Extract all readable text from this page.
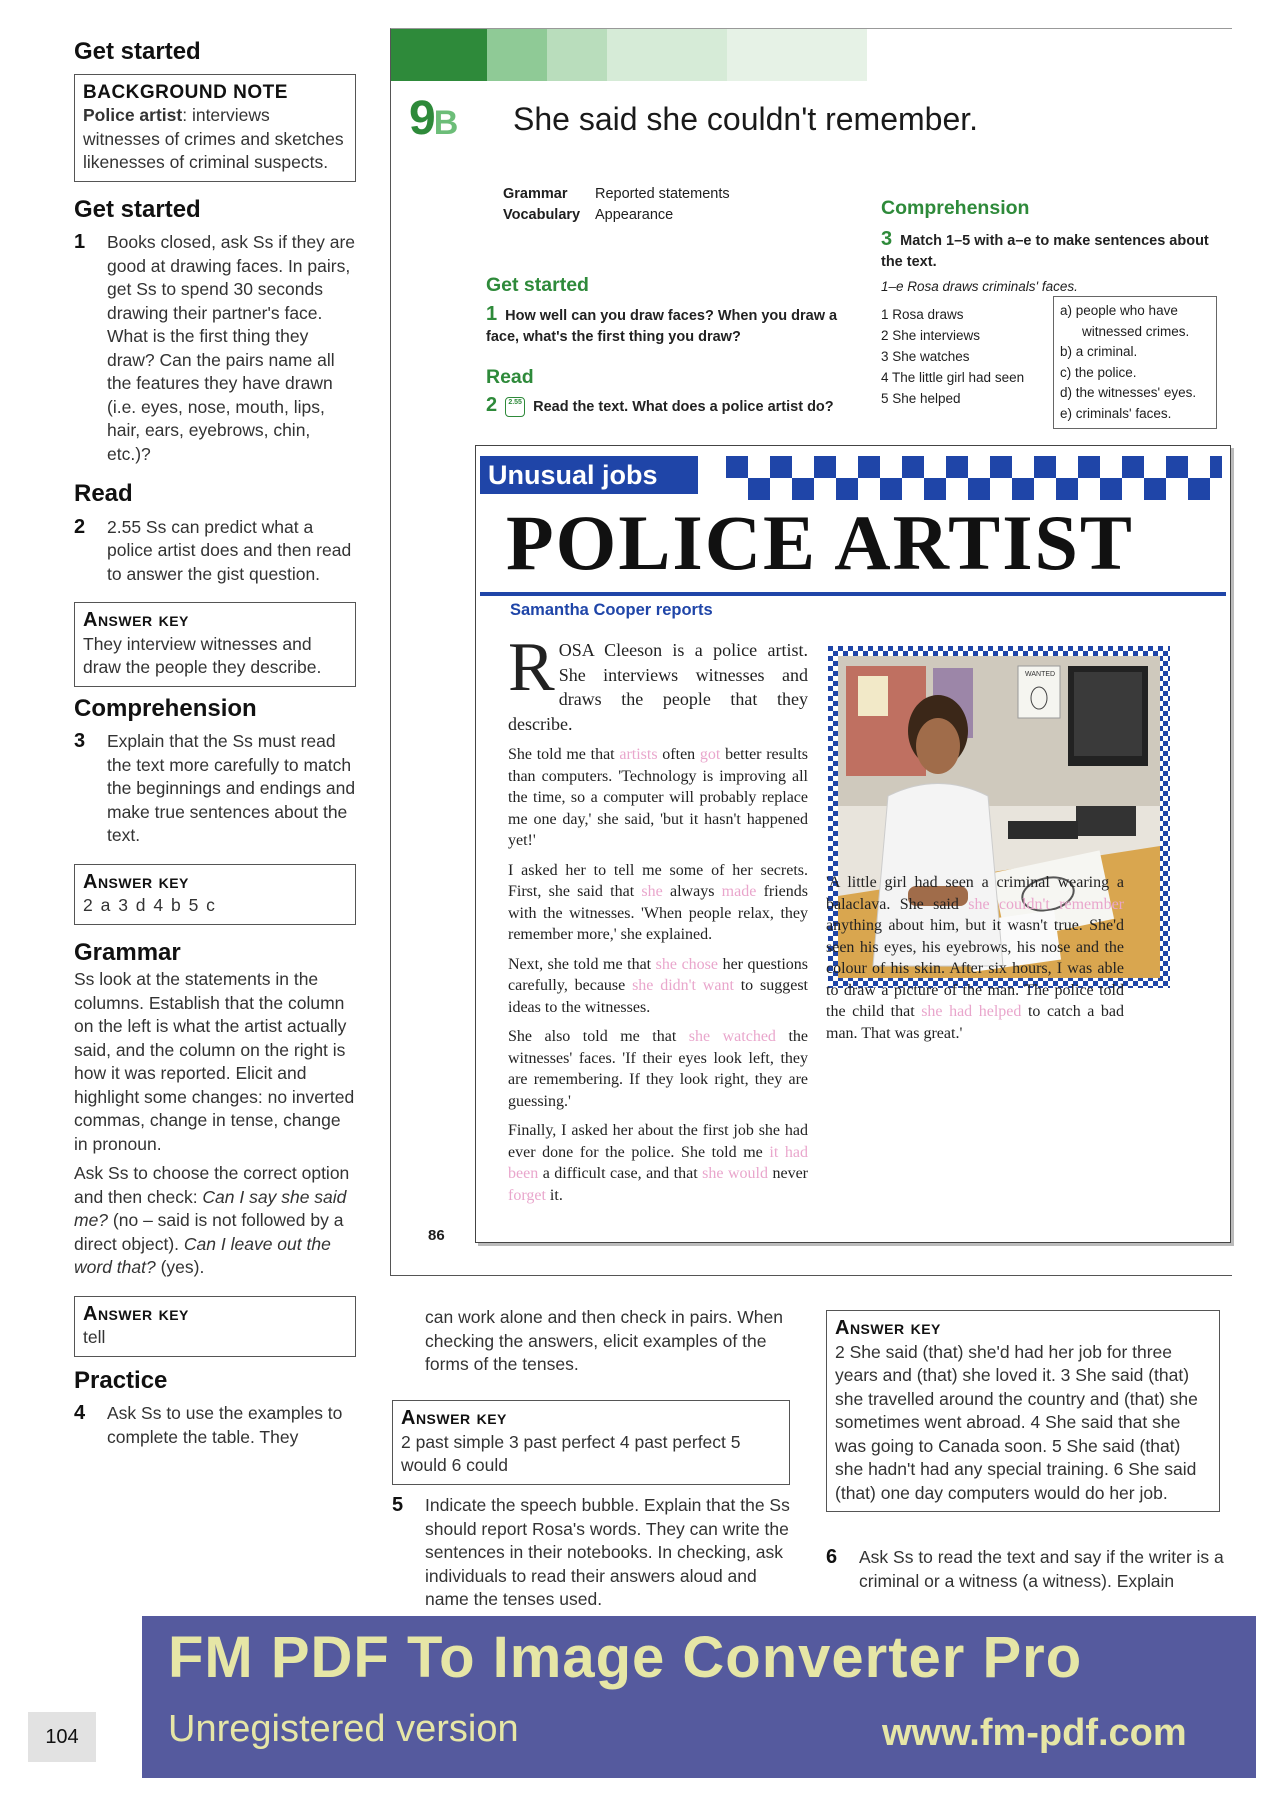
Get started
BACKGROUND NOTE
Police artist: interviews witnesses of crimes and sketches likenesses of criminal suspects.
Get started
1 Books closed, ask Ss if they are good at drawing faces. In pairs, get Ss to spend 30 seconds drawing their partner's face. What is the first thing they draw? Can the pairs name all the features they have drawn (i.e. eyes, nose, mouth, lips, hair, ears, eyebrows, chin, etc.)?
Read
2 2.55 Ss can predict what a police artist does and then read to answer the gist question.
Answer key
They interview witnesses and draw the people they describe.
Comprehension
3 Explain that the Ss must read the text more carefully to match the beginnings and endings and make true sentences about the text.
Answer key
2 a 3 d 4 b 5 c
Grammar
Ss look at the statements in the columns. Establish that the column on the left is what the artist actually said, and the column on the right is how it was reported. Elicit and highlight some changes: no inverted commas, change in tense, change in pronoun.
Ask Ss to choose the correct option and then check: Can I say she said me? (no – said is not followed by a direct object). Can I leave out the word that? (yes).
Answer key
tell
Practice
4 Ask Ss to use the examples to complete the table. They
9B She said she couldn't remember.
Grammar Reported statements
Vocabulary Appearance
Get started
1 How well can you draw faces? When you draw a face, what's the first thing you draw?
Read
2 2.55 Read the text. What does a police artist do?
Comprehension
3 Match 1–5 with a–e to make sentences about the text.
1–e Rosa draws criminals' faces.
1 Rosa draws
2 She interviews
3 She watches
4 The little girl had seen
5 She helped
a) people who have
witnessed crimes.
b) a criminal.
c) the police.
d) the witnesses' eyes.
e) criminals' faces.
Unusual jobs
POLICE ARTIST
Samantha Cooper reports

ROSA Cleeson is a police artist. She interviews witnesses and draws the people that they describe.

She told me that artists often got better results than computers. 'Technology is improving all the time, so a computer will probably replace me one day,' she said, 'but it hasn't happened yet!'

I asked her to tell me some of her secrets. First, she said that she always made friends with the witnesses. 'When people relax, they remember more,' she explained.

Next, she told me that she chose her questions carefully, because she didn't want to suggest ideas to the witnesses.

She also told me that she watched the witnesses' faces. 'If their eyes look left, they are remembering. If they look right, they are guessing.'

Finally, I asked her about the first job she had ever done for the police. She told me it had been a difficult case, and that she would never forget it.

WANTED

'A little girl had seen a criminal wearing a balaclava. She said she couldn't remember anything about him, but it wasn't true. She'd seen his eyes, his eyebrows, his nose and the colour of his skin. After six hours, I was able to draw a picture of the man. The police told the child that she had helped to catch a bad man. That was great.'

86
can work alone and then check in pairs. When checking the answers, elicit examples of the forms of the tenses.
Answer key
2 past simple 3 past perfect 4 past perfect 5 would 6 could
5 Indicate the speech bubble. Explain that the Ss should report Rosa's words. They can write the sentences in their notebooks. In checking, ask individuals to read their answers aloud and name the tenses used.
Answer key
2 She said (that) she'd had her job for three years and (that) she loved it. 3 She said (that) she travelled around the country and (that) she sometimes went abroad. 4 She said that she was going to Canada soon. 5 She said (that) she hadn't had any special training. 6 She said (that) one day computers would do her job.
6 Ask Ss to read the text and say if the writer is a criminal or a witness (a witness). Explain
FM PDF To Image Converter Pro
Unregistered version	www.fm-pdf.com
104
